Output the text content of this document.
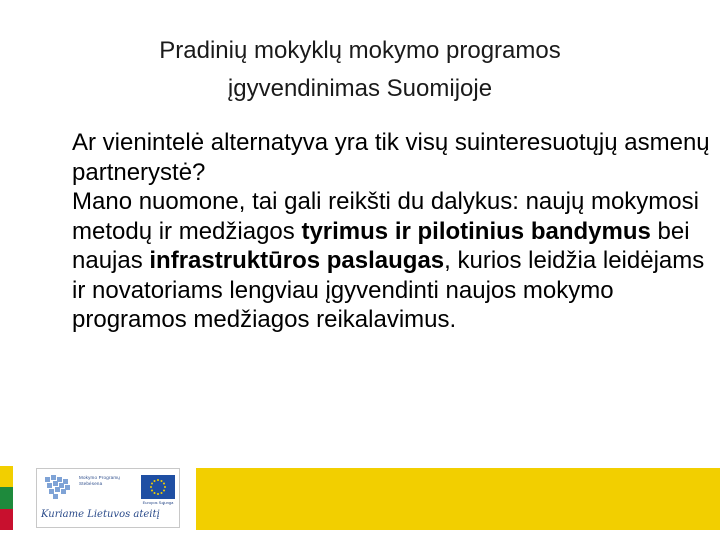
Pradinių mokyklų mokymo programos
įgyvendinimas Suomijoje

Ar vienintelė alternatyva yra tik visų suinteresuotųjų asmenų partnerystė?

Mano nuomone, tai gali reikšti du dalykus: naujų mokymosi metodų ir medžiagos tyrimus ir pilotinius bandymus bei naujas infrastruktūros paslaugas, kurios leidžia leidėjams ir novatoriams lengviau įgyvendinti naujos mokymo programos medžiagos reikalavimus.

Mokymo Programų Stebėsena
Europos Sąjunga
Kuriame Lietuvos ateitį
